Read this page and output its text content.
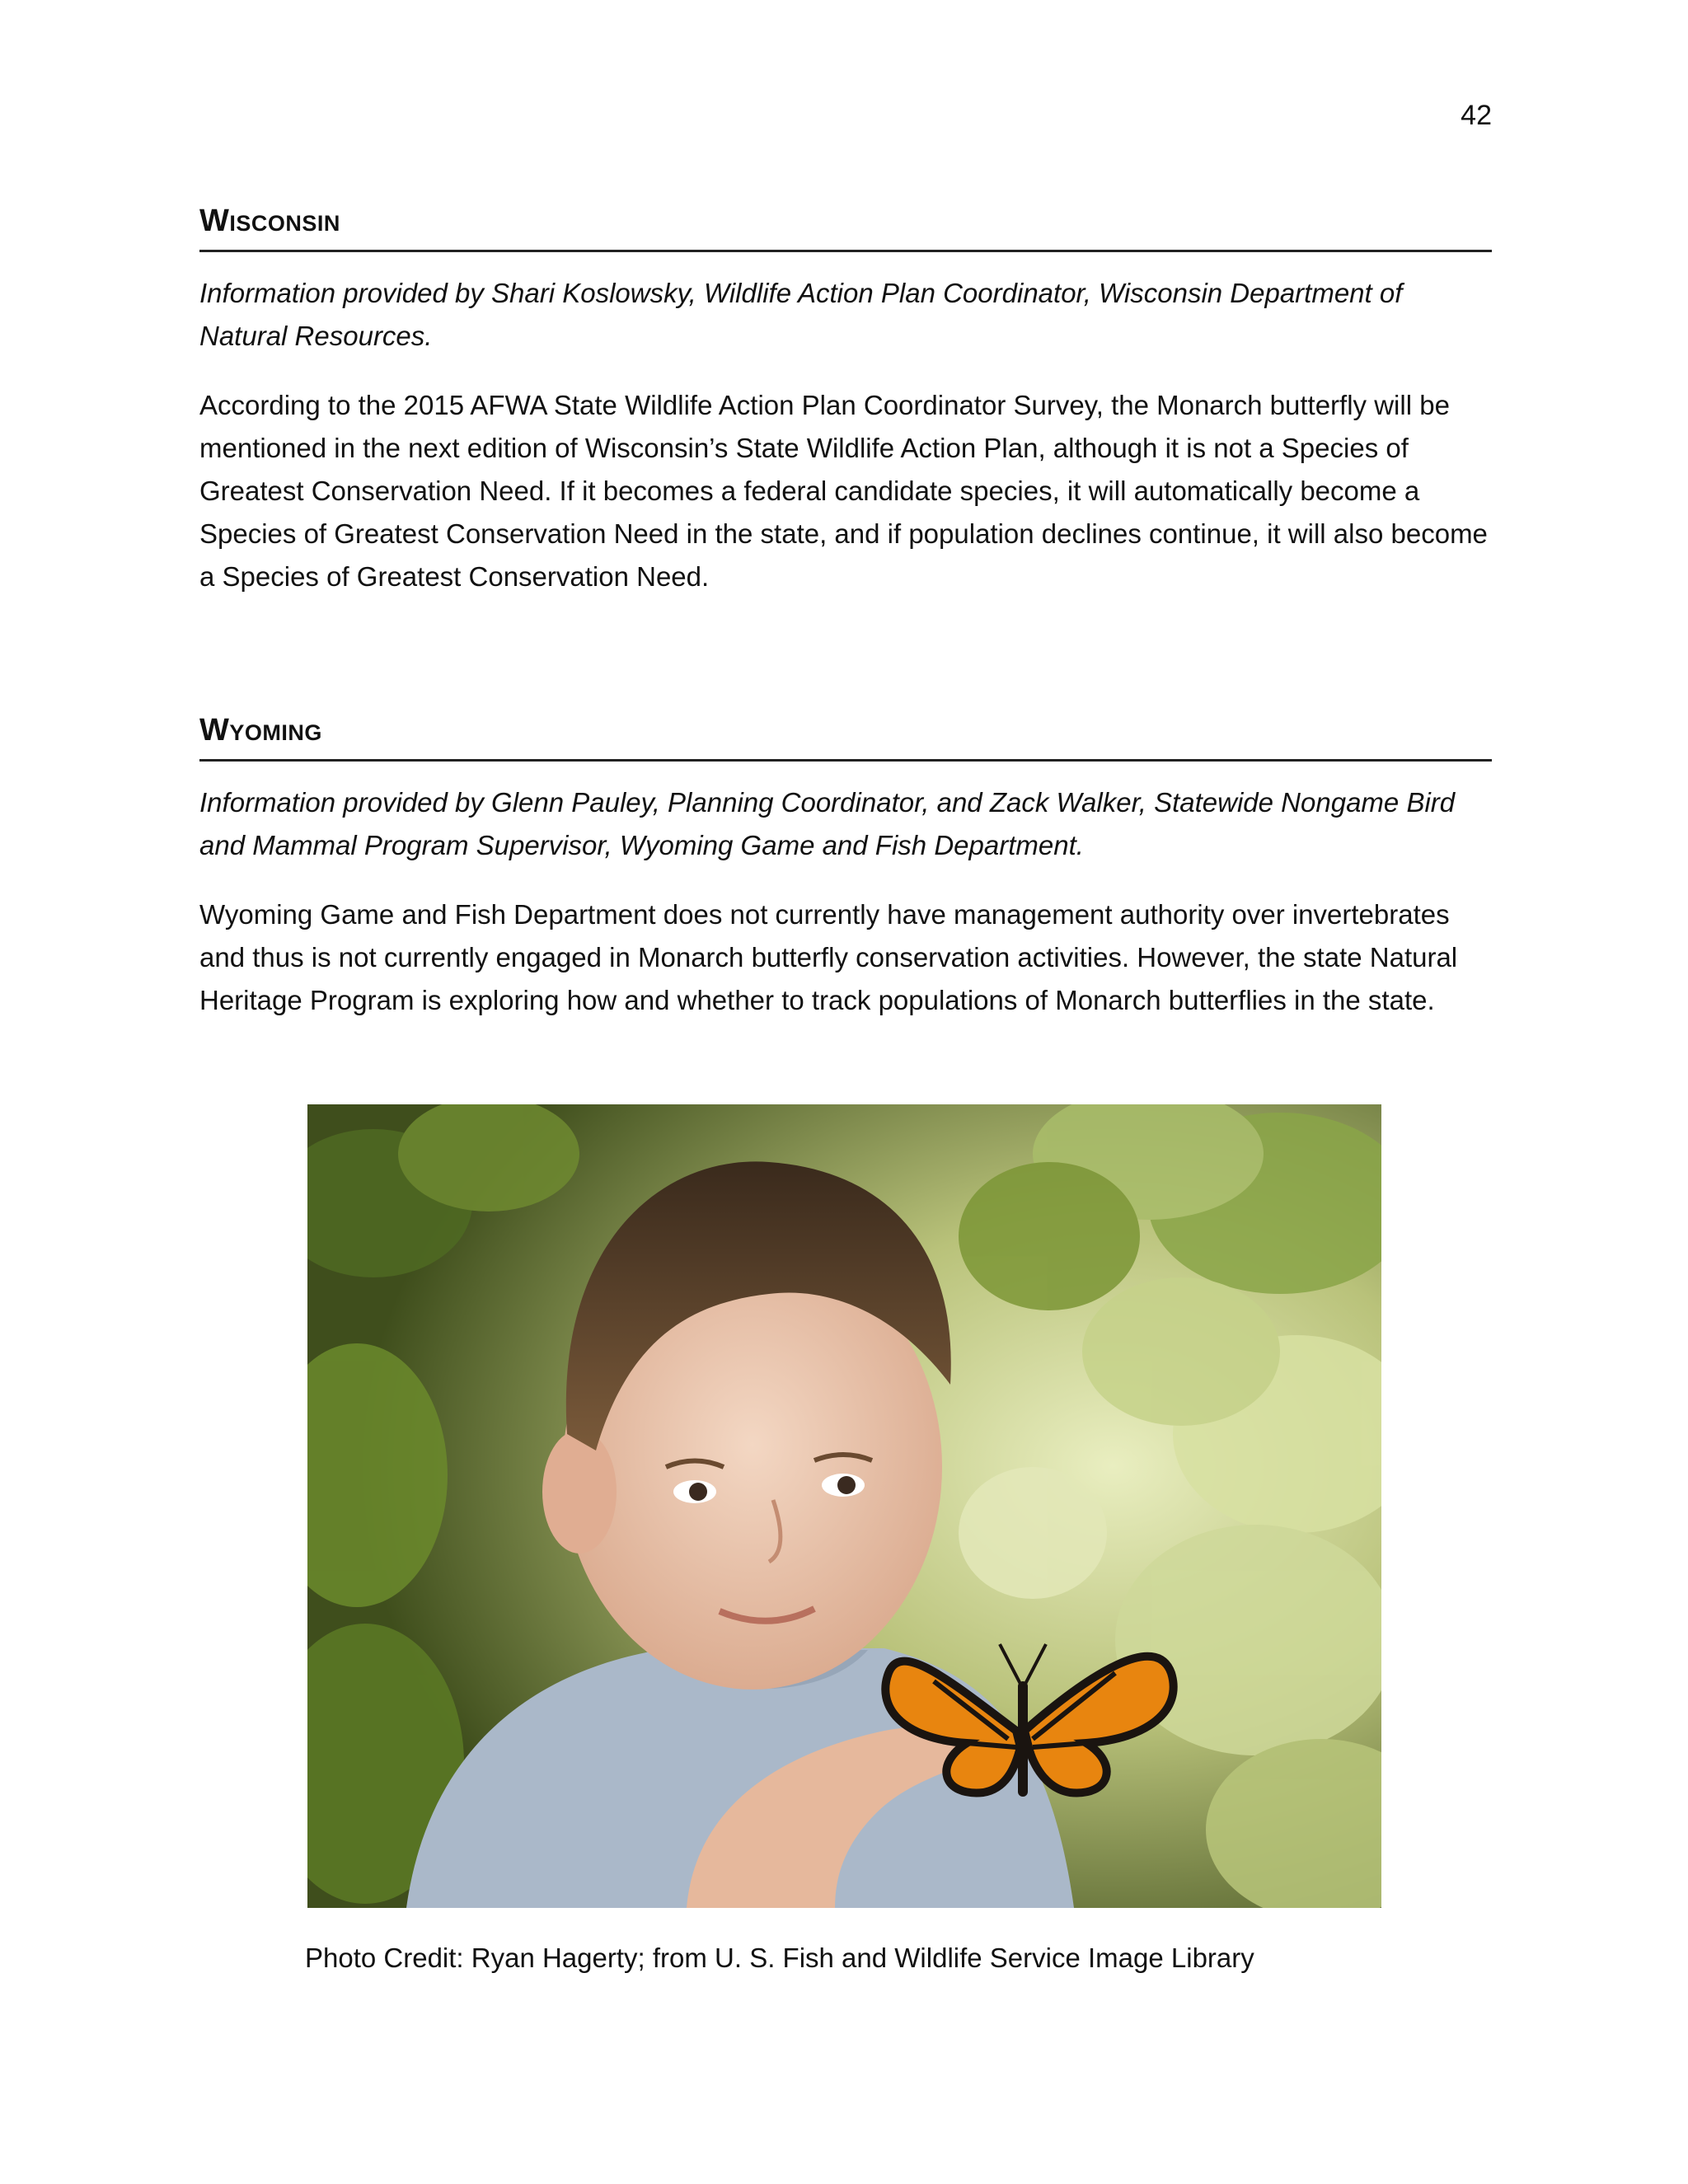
42
Wisconsin

Information provided by Shari Koslowsky, Wildlife Action Plan Coordinator, Wisconsin Department of Natural Resources.

According to the 2015 AFWA State Wildlife Action Plan Coordinator Survey, the Monarch butterfly will be mentioned in the next edition of Wisconsin’s State Wildlife Action Plan, although it is not a Species of Greatest Conservation Need. If it becomes a federal candidate species, it will automatically become a Species of Greatest Conservation Need in the state, and if population declines continue, it will also become a Species of Greatest Conservation Need.

Wyoming

Information provided by Glenn Pauley, Planning Coordinator, and Zack Walker, Statewide Nongame Bird and Mammal Program Supervisor, Wyoming Game and Fish Department.

Wyoming Game and Fish Department does not currently have management authority over invertebrates and thus is not currently engaged in Monarch butterfly conservation activities. However, the state Natural Heritage Program is exploring how and whether to track populations of Monarch butterflies in the state.

Photo Credit: Ryan Hagerty; from U. S. Fish and Wildlife Service Image Library
